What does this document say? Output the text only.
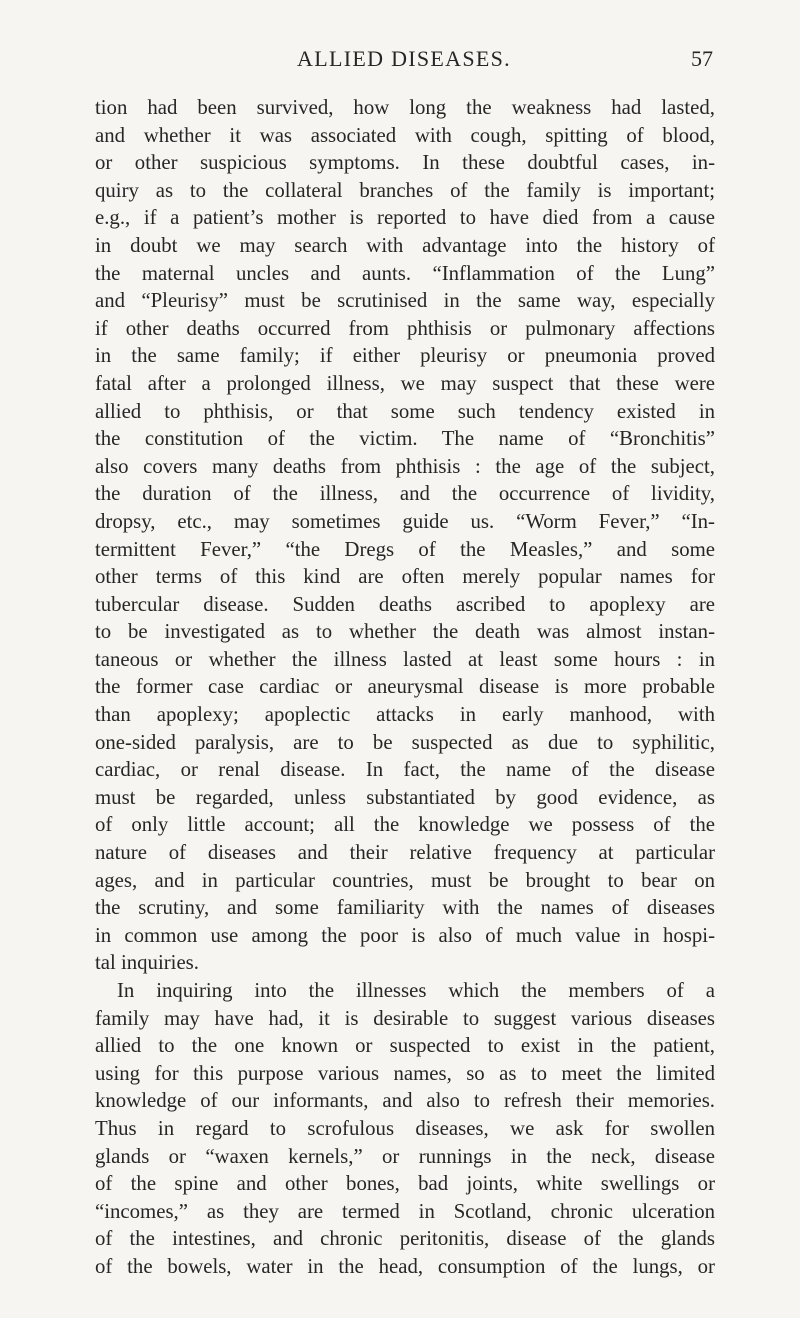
ALLIED DISEASES.	57
tion had been survived, how long the weakness had lasted,
and whether it was associated with cough, spitting of blood,
or other suspicious symptoms. In these doubtful cases, in-
quiry as to the collateral branches of the family is important;
e.g., if a patient’s mother is reported to have died from a cause
in doubt we may search with advantage into the history of
the maternal uncles and aunts. “Inflammation of the Lung”
and “Pleurisy” must be scrutinised in the same way, especially
if other deaths occurred from phthisis or pulmonary affections
in the same family; if either pleurisy or pneumonia proved
fatal after a prolonged illness, we may suspect that these were
allied to phthisis, or that some such tendency existed in
the constitution of the victim. The name of “Bronchitis”
also covers many deaths from phthisis : the age of the subject,
the duration of the illness, and the occurrence of lividity,
dropsy, etc., may sometimes guide us. “Worm Fever,” “In-
termittent Fever,” “the Dregs of the Measles,” and some
other terms of this kind are often merely popular names for
tubercular disease. Sudden deaths ascribed to apoplexy are
to be investigated as to whether the death was almost instan-
taneous or whether the illness lasted at least some hours : in
the former case cardiac or aneurysmal disease is more probable
than apoplexy; apoplectic attacks in early manhood, with
one-sided paralysis, are to be suspected as due to syphilitic,
cardiac, or renal disease. In fact, the name of the disease
must be regarded, unless substantiated by good evidence, as
of only little account; all the knowledge we possess of the
nature of diseases and their relative frequency at particular
ages, and in particular countries, must be brought to bear on
the scrutiny, and some familiarity with the names of diseases
in common use among the poor is also of much value in hospi-
tal inquiries.
In inquiring into the illnesses which the members of a
family may have had, it is desirable to suggest various diseases
allied to the one known or suspected to exist in the patient,
using for this purpose various names, so as to meet the limited
knowledge of our informants, and also to refresh their memories.
Thus in regard to scrofulous diseases, we ask for swollen
glands or “waxen kernels,” or runnings in the neck, disease
of the spine and other bones, bad joints, white swellings or
“incomes,” as they are termed in Scotland, chronic ulceration
of the intestines, and chronic peritonitis, disease of the glands
of the bowels, water in the head, consumption of the lungs, or
